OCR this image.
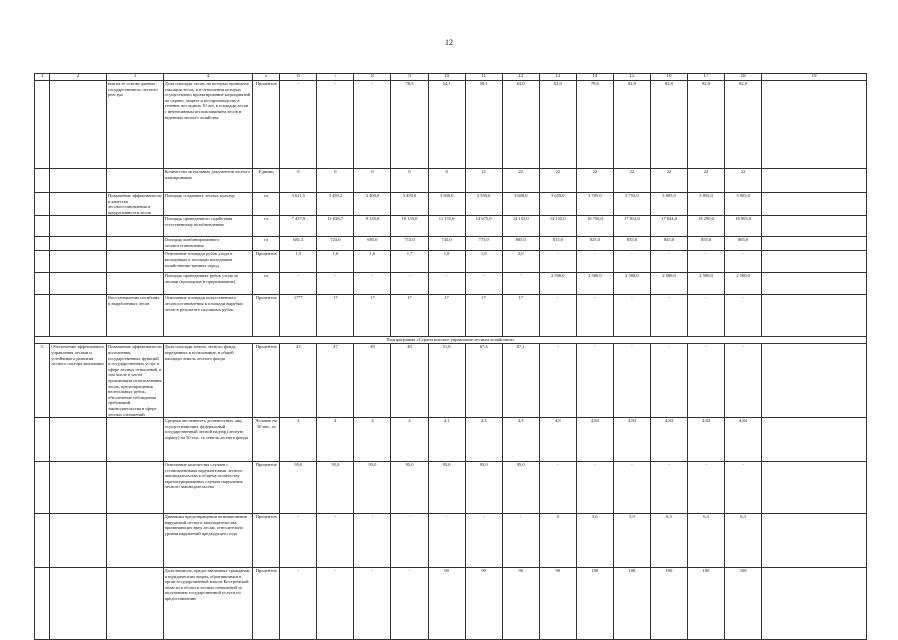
12
1	2	3	4	5	6	7	8	9	10	11	12	13	14	15	16	17	18	19
		ния на ее основе данных государственного лесного реестра	Доля площади лесов, на которых проведена таксация лесов, и в отношении которых осуществлено проектирование мероприятий по охране, защите и воспроизводству в течение последних 10 лет, в площади лесов с интенсивным использованием лесов и ведением лесного хозяйства	Процентов	-	-	-	78,5	54,1	58,1	63,0	63,0	79,6	82,9	82,9	82,9	82,9	
			Количество актуальных документов лесного планирования	Единиц	0	0	0	0	0	22	22	22	22	22	22	22	22	
		Повышение эффективности и качества лесовосстановления и продуктивности лесов	Площадь созданных лесных культур	га	3 611,5	3 439,2	3 400,0	3 450,0	3 500,0	3 550,0	3 600,0	3 655,0	3 705,0	3 755,0	3 805,0	3 855,0	3 905,0	
			Площадь проведенного содействия естественному возобновлению	га	7 457,9	11 026,7	9 155,0	10 155,0	11 155,0	14 675,0	14 155,0	14 155,0	18 750,0	17 812,0	17 844,0	18 290,0	18 893,0	
			Площадь комбинированного лесовосстановления	га	681,3	723,0	685,0	715,0	745,0	775,0	805,0	815,0	825,0	835,0	845,0	855,0	865,0	
			Отношение площади рубок ухода в молодняках к площади молодняков хозяйственно-ценных пород	Процентов	1,5	1,6	1,6	1,7	1,8	1,9	2,0	-	-	-	-	-	-	
			Площадь проведенных рубок ухода за лесами (проходные и прореживание)	га	-	-	-	-	-	-	-	2 500,0	2 500,0	2 500,0	2 500,0	2 500,0	2 500,0	
		Восстановление погибших и вырубленных лесов	Отношение площади искусственного лесовосстановления к площади вырубки лесов в результате сплошных рубок	Процентов	17**	17	17	17	17	17	17	-	-	-	-	-	-	
Подпрограмма «Стратегическое управление лесным хозяйством»																		
3.	Обеспечение эффективного управления лесами и устойчивого развития лесного сектора экономики	Повышение эффективности исполнения государственных функций и государственных услуг в сфере лесных отношений, в том числе в части организации использования лесов, предотвращения нелегальных рубок, обеспечение соблюдения требований законодательства в сфере лесных отношений	Доля площади земель лесного фонда, переданных в пользование, в общей площади земель лесного фонда	Процентов	43	47	49	49	51,0	67,4	67,1	-	-	-	-	-	-	
			Средняя численность должностных лиц, осуществляющих федеральный государственный лесной надзор (лесную охрану) на 50 тыс. га земель лесного фонда	Человек на 50 тыс. га	4	4	4	4	4,1	4,3	4,3	4,8	4,84	4,84	4,84	4,84	4,84	
			Отношение количества случаев с установленными нарушителями лесного законодательства к общему количеству зарегистрированных случаев нарушения лесного законодательства	Процентов	95,0	95,0	95,0	95,0	95,0	95,0	95,0	-	-	-	-	-	-	
			Динамика предотвращения возникновения нарушений лесного законодательства, причиняющих вред лесам, относительно уровня нарушений предыдущего года	Процентов	-	-	-	-	-	-	-	5	5,6	5,9	6,3	6,3	6,3	
			Доля выписок, предоставленных гражданам и юридическим лицам, обратившимся в орган государственной власти Костромской области в области лесных отношений за получением государственной услуги по предоставлению	Процентов	-	-	-	-	90	90	90	90	100	100	100	100	100	
